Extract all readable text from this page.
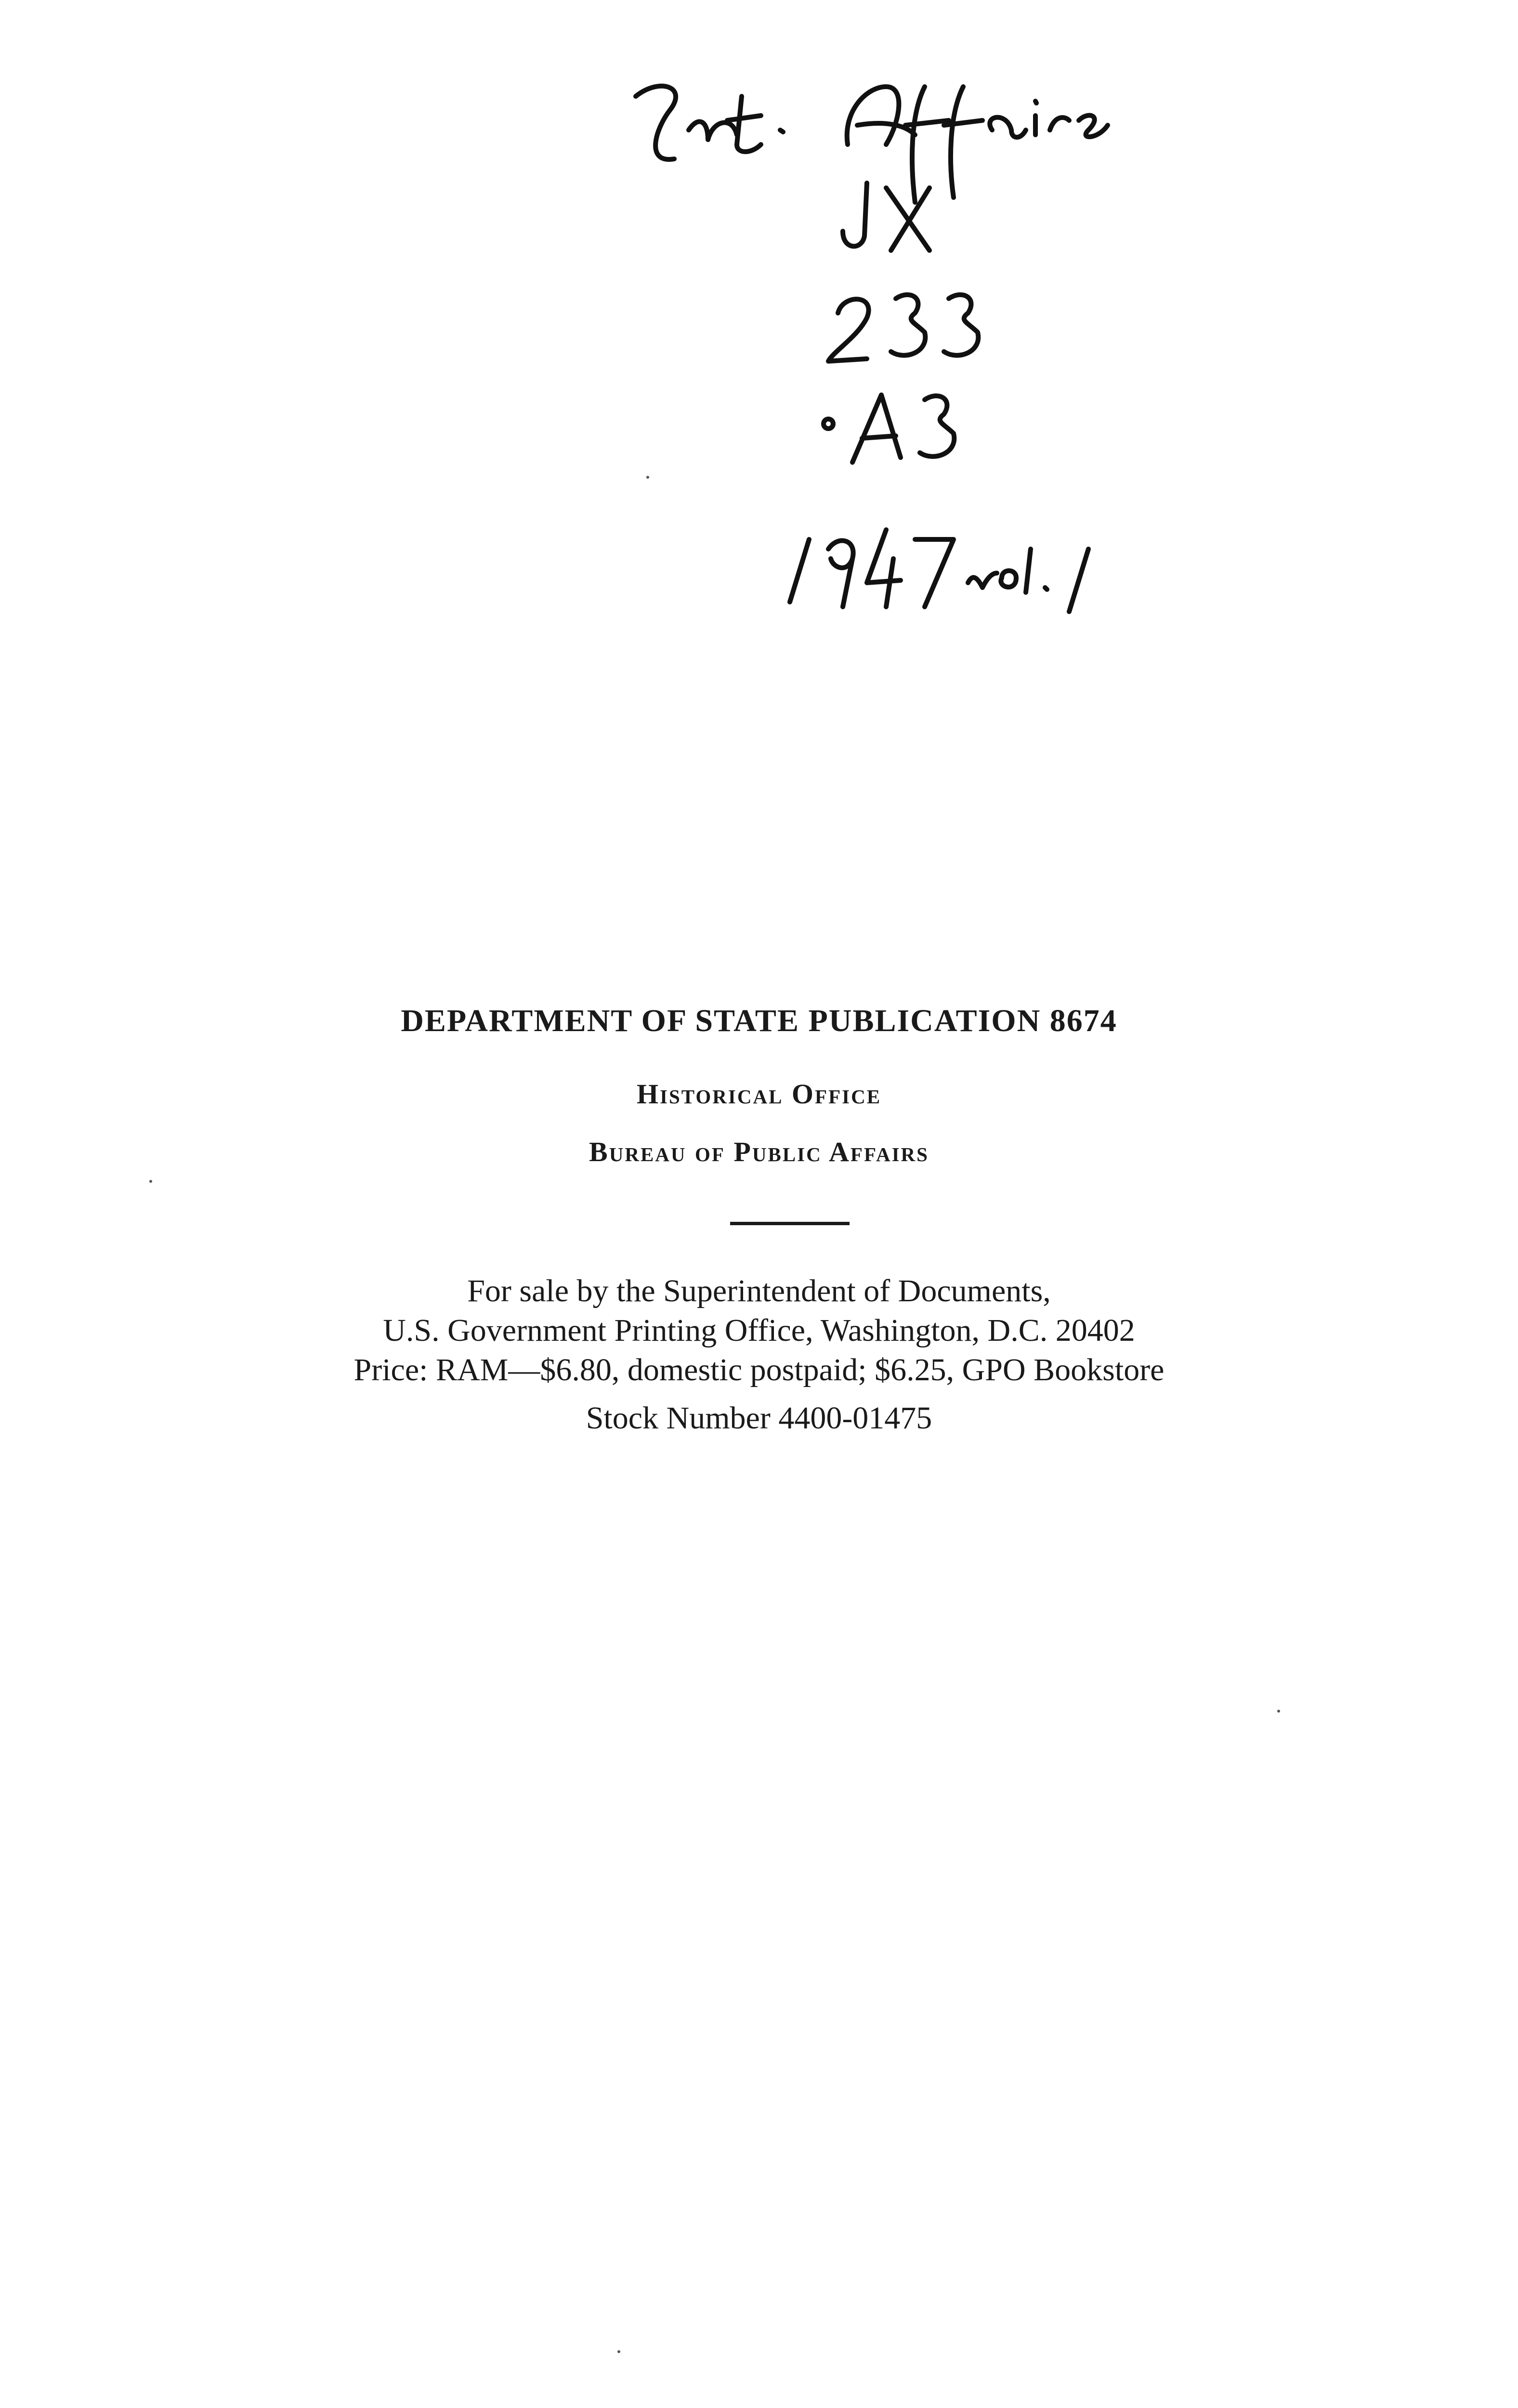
DEPARTMENT OF STATE PUBLICATION 8674
Historical Office
Bureau of Public Affairs
For sale by the Superintendent of Documents,
U.S. Government Printing Office, Washington, D.C. 20402
Price: RAM—$6.80, domestic postpaid; $6.25, GPO Bookstore
Stock Number 4400-01475
